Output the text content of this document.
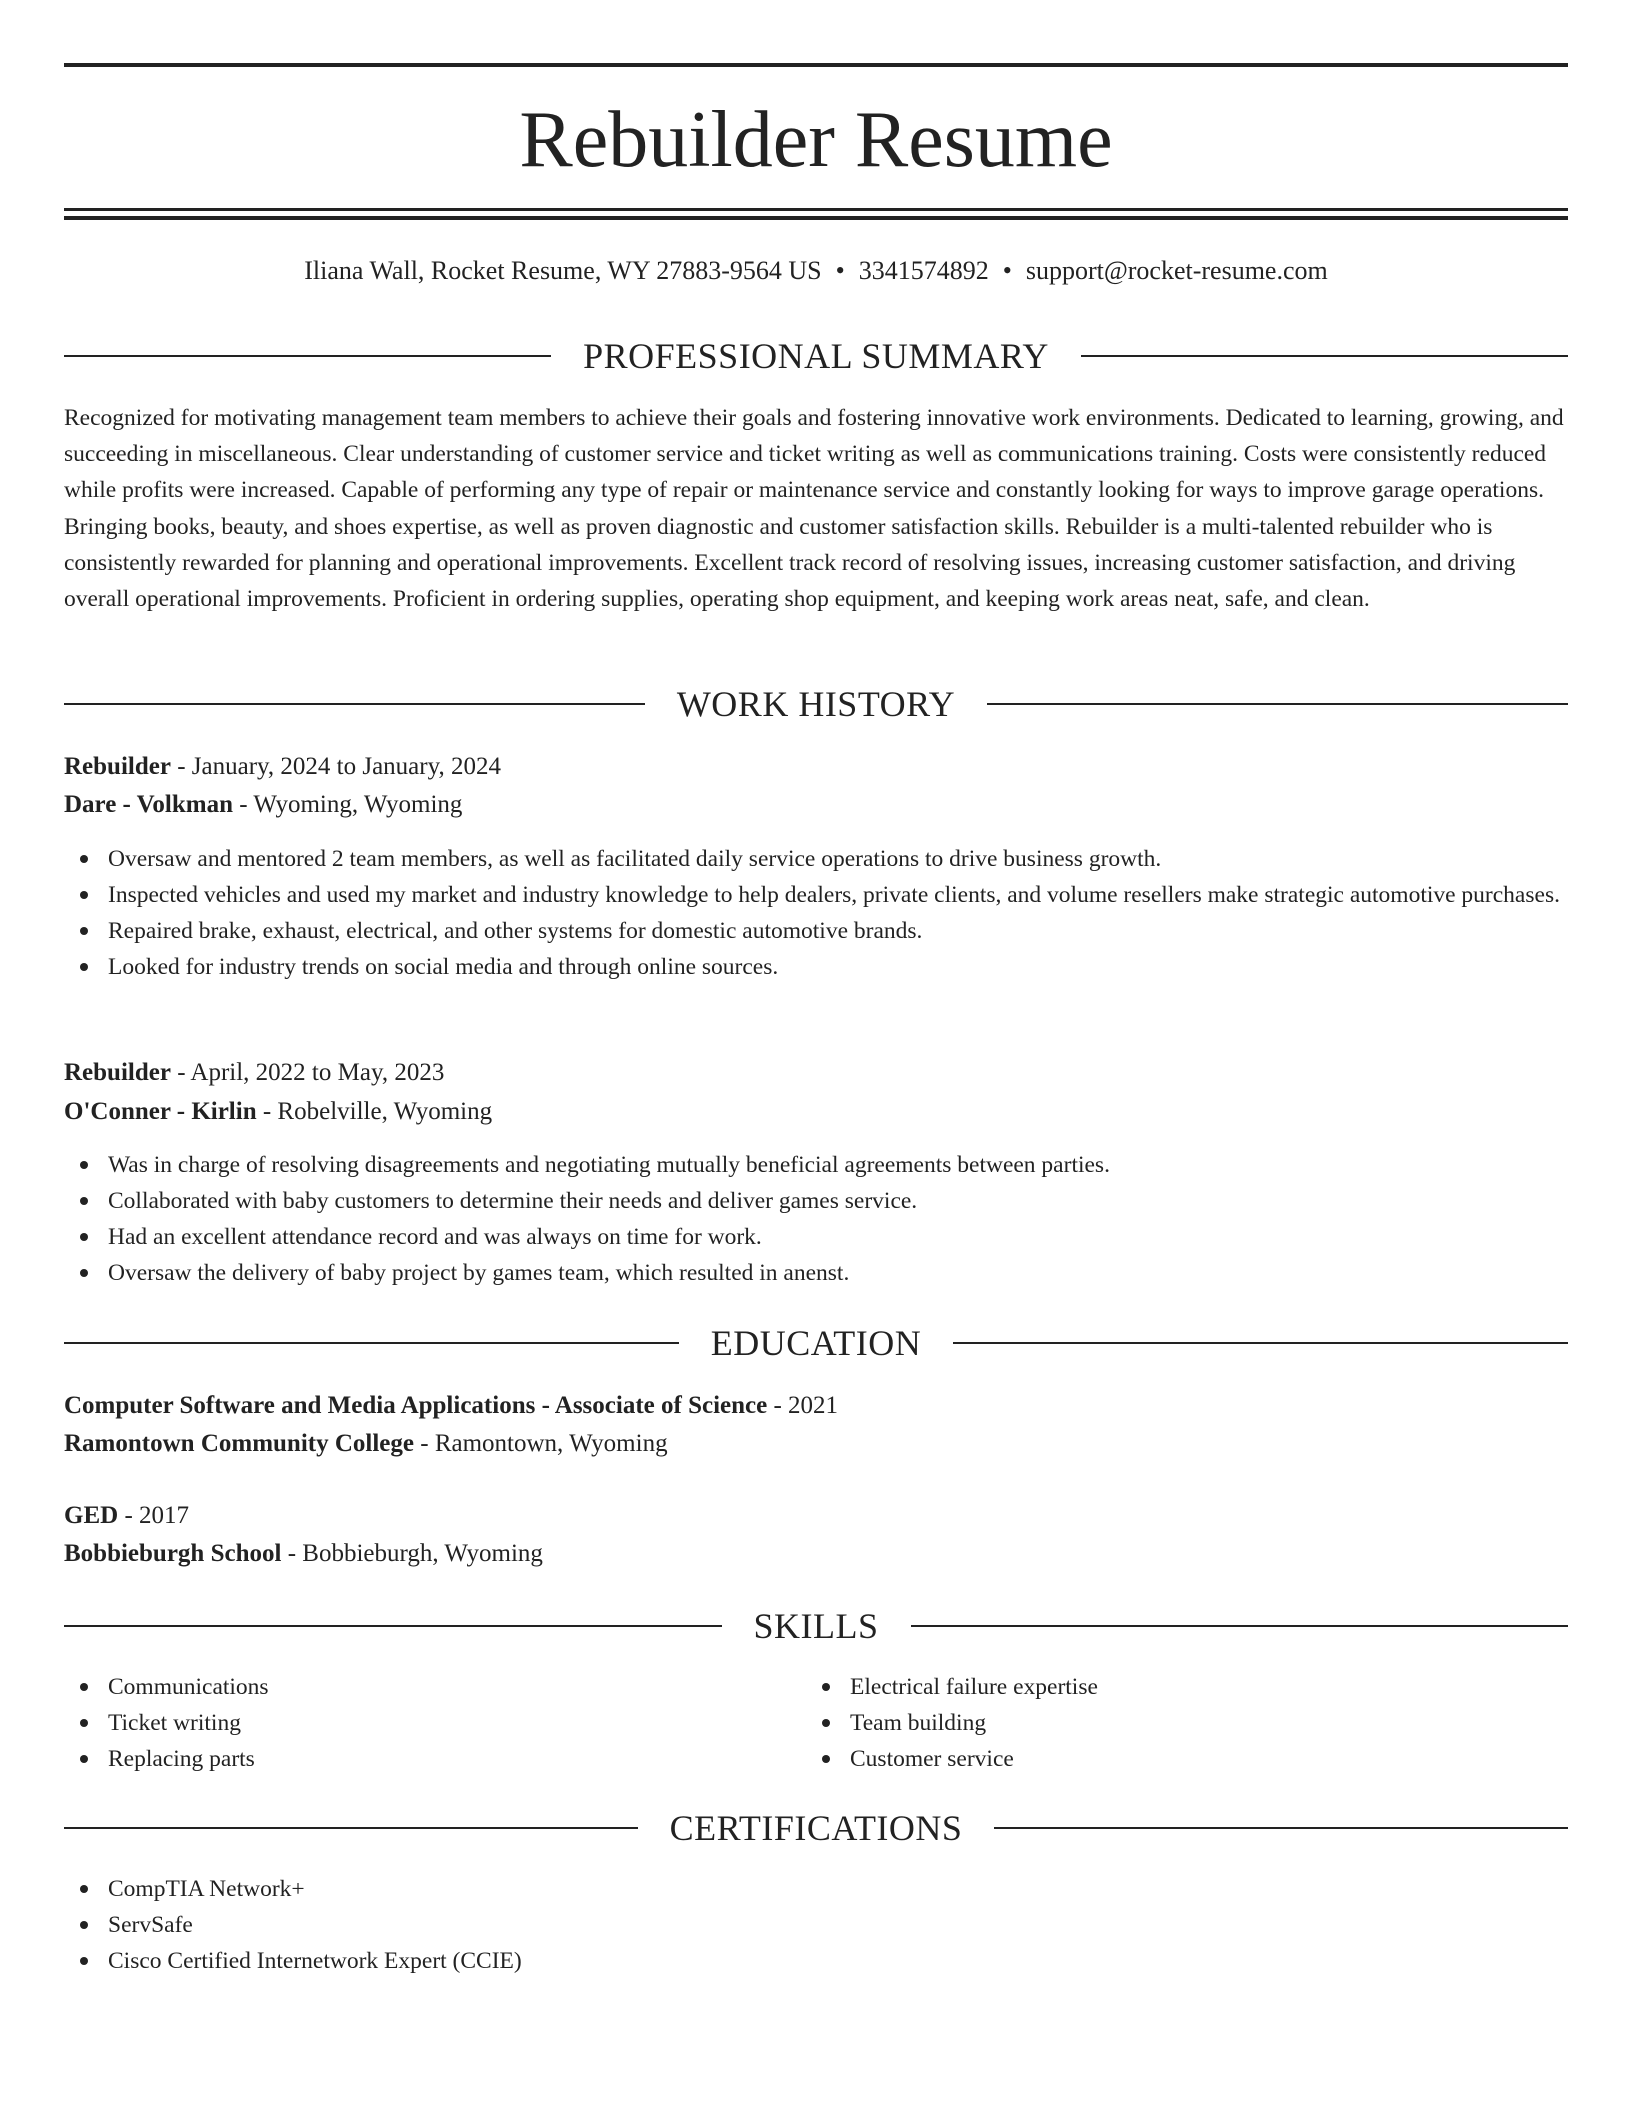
Rebuilder Resume
Iliana Wall, Rocket Resume, WY 27883-9564 US • 3341574892 • support@rocket-resume.com
PROFESSIONAL SUMMARY

Recognized for motivating management team members to achieve their goals and fostering innovative work environments. Dedicated to learning, growing, and succeeding in miscellaneous. Clear understanding of customer service and ticket writing as well as communications training. Costs were consistently reduced while profits were increased. Capable of performing any type of repair or maintenance service and constantly looking for ways to improve garage operations. Bringing books, beauty, and shoes expertise, as well as proven diagnostic and customer satisfaction skills. Rebuilder is a multi-talented rebuilder who is consistently rewarded for planning and operational improvements. Excellent track record of resolving issues, increasing customer satisfaction, and driving overall operational improvements. Proficient in ordering supplies, operating shop equipment, and keeping work areas neat, safe, and clean.

WORK HISTORY
Rebuilder - January, 2024 to January, 2024
Dare - Volkman - Wyoming, Wyoming
Oversaw and mentored 2 team members, as well as facilitated daily service operations to drive business growth.
Inspected vehicles and used my market and industry knowledge to help dealers, private clients, and volume resellers make strategic automotive purchases.
Repaired brake, exhaust, electrical, and other systems for domestic automotive brands.
Looked for industry trends on social media and through online sources.
Rebuilder - April, 2022 to May, 2023
O'Conner - Kirlin - Robelville, Wyoming
Was in charge of resolving disagreements and negotiating mutually beneficial agreements between parties.
Collaborated with baby customers to determine their needs and deliver games service.
Had an excellent attendance record and was always on time for work.
Oversaw the delivery of baby project by games team, which resulted in anenst.
EDUCATION
Computer Software and Media Applications - Associate of Science - 2021
Ramontown Community College - Ramontown, Wyoming
GED - 2017
Bobbieburgh School - Bobbieburgh, Wyoming
SKILLS
Communications
Ticket writing
Replacing parts
Electrical failure expertise
Team building
Customer service
CERTIFICATIONS
CompTIA Network+
ServSafe
Cisco Certified Internetwork Expert (CCIE)
